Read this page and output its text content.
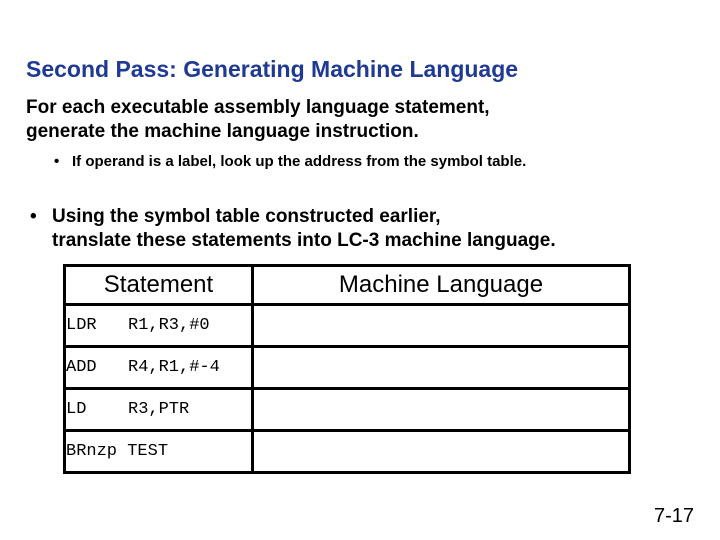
Second Pass: Generating Machine Language
For each executable assembly language statement,
generate the machine language instruction.
• If operand is a label, look up the address from the symbol table.
• Using the symbol table constructed earlier,
translate these statements into LC-3 machine language.
Statement	Machine Language
LDR R1,R3,#0	
ADD R4,R1,#-4	
LD R3,PTR	
BRnzp TEST	
7-17
